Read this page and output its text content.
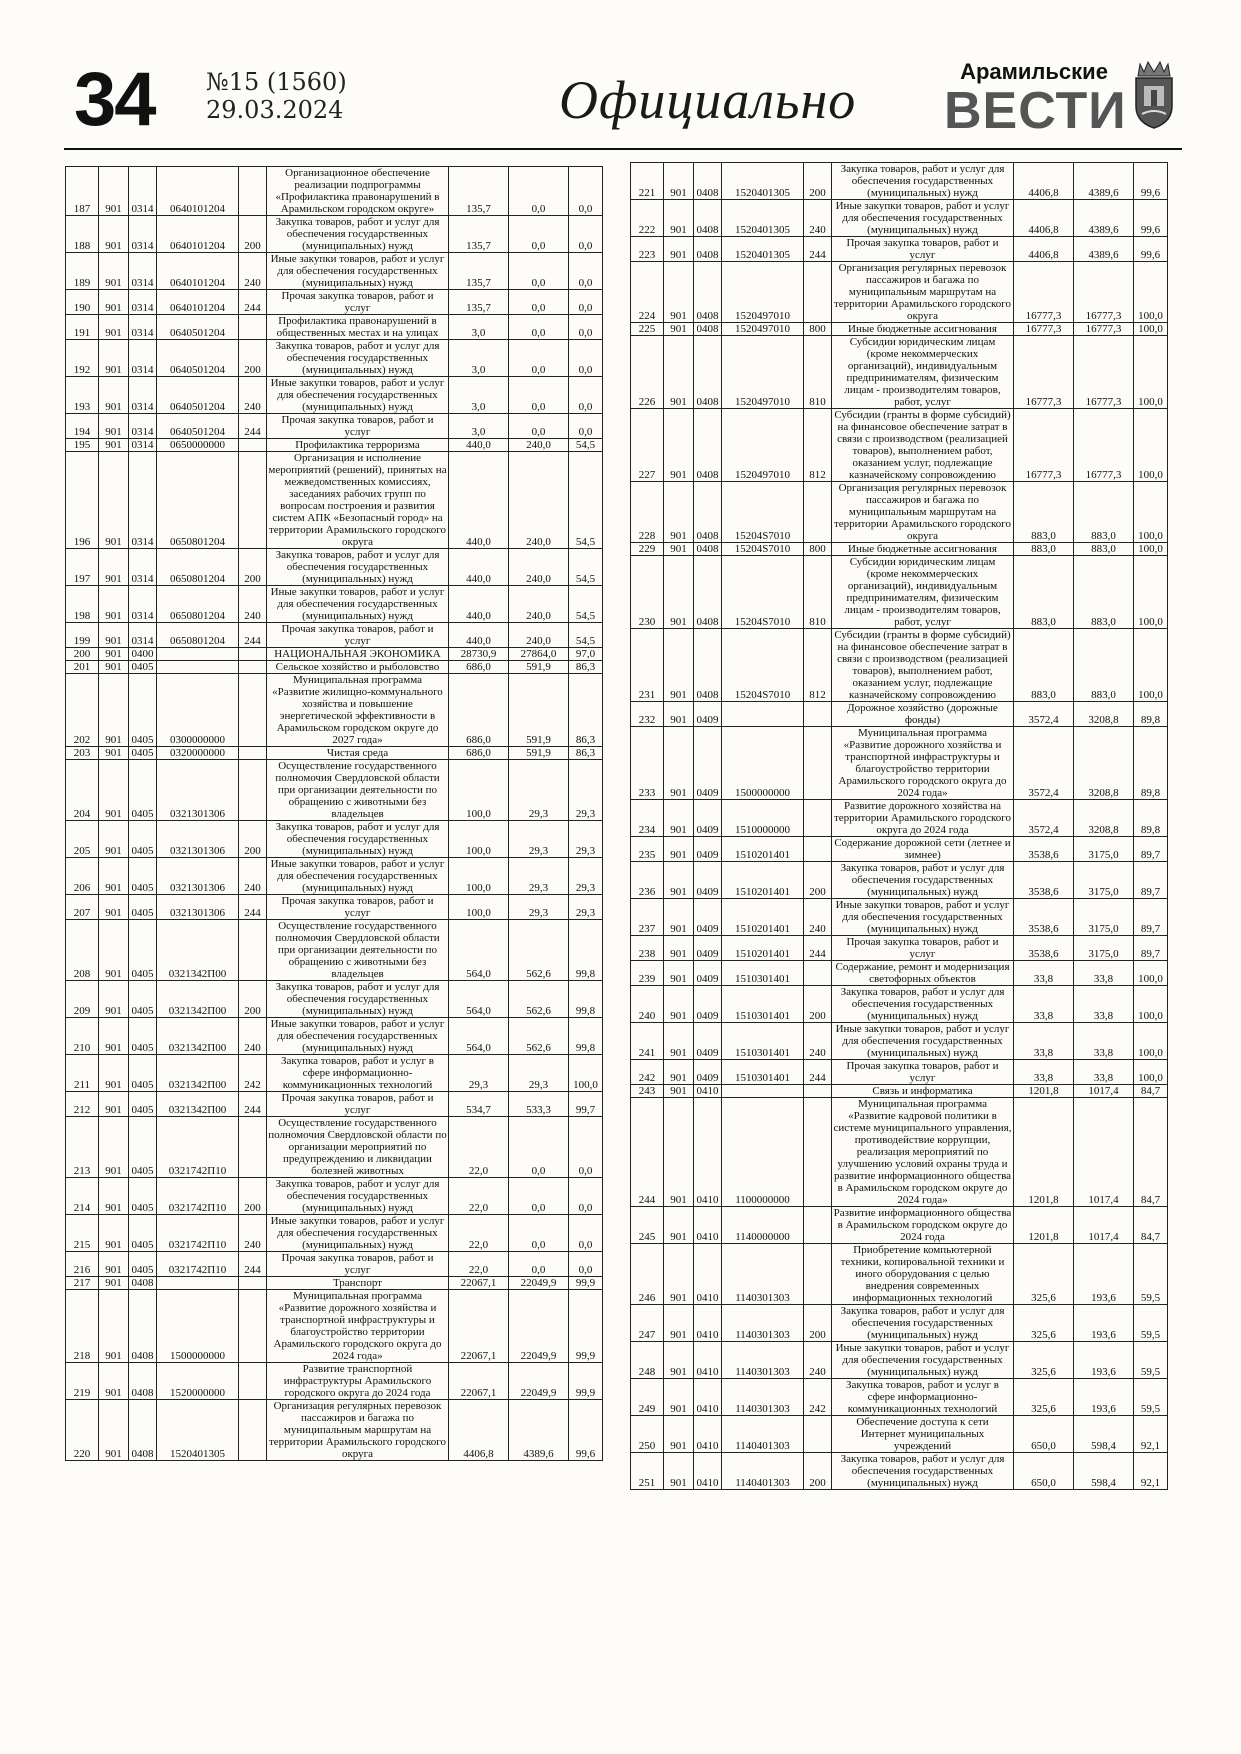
34 №15 (1560)
29.03.2024	Официально	Арамильские
ВЕСТИ
187	901	0314	0640101204		Организационное обеспечение реализации подпрограммы «Профилактика правонарушений в Арамильском городском округе»	135,7	0,0	0,0
188	901	0314	0640101204	200	Закупка товаров, работ и услуг для обеспечения государственных (муниципальных) нужд	135,7	0,0	0,0
189	901	0314	0640101204	240	Иные закупки товаров, работ и услуг для обеспечения государственных (муниципальных) нужд	135,7	0,0	0,0
190	901	0314	0640101204	244	Прочая закупка товаров, работ и услуг	135,7	0,0	0,0
191	901	0314	0640501204		Профилактика правонарушений в общественных местах и на улицах	3,0	0,0	0,0
192	901	0314	0640501204	200	Закупка товаров, работ и услуг для обеспечения государственных (муниципальных) нужд	3,0	0,0	0,0
193	901	0314	0640501204	240	Иные закупки товаров, работ и услуг для обеспечения государственных (муниципальных) нужд	3,0	0,0	0,0
194	901	0314	0640501204	244	Прочая закупка товаров, работ и услуг	3,0	0,0	0,0
195	901	0314	0650000000		Профилактика терроризма	440,0	240,0	54,5
196	901	0314	0650801204		Организация и исполнение мероприятий (решений), принятых на межведомственных комиссиях, заседаниях рабочих групп по вопросам построения и развития систем АПК «Безопасный город» на территории Арамильского городского округа	440,0	240,0	54,5
197	901	0314	0650801204	200	Закупка товаров, работ и услуг для обеспечения государственных (муниципальных) нужд	440,0	240,0	54,5
198	901	0314	0650801204	240	Иные закупки товаров, работ и услуг для обеспечения государственных (муниципальных) нужд	440,0	240,0	54,5
199	901	0314	0650801204	244	Прочая закупка товаров, работ и услуг	440,0	240,0	54,5
200	901	0400			НАЦИОНАЛЬНАЯ ЭКОНОМИКА	28730,9	27864,0	97,0
201	901	0405			Сельское хозяйство и рыболовство	686,0	591,9	86,3
202	901	0405	0300000000		Муниципальная программа «Развитие жилищно-коммунального хозяйства и повышение энергетической эффективности в Арамильском городском округе до 2027 года»	686,0	591,9	86,3
203	901	0405	0320000000		Чистая среда	686,0	591,9	86,3
204	901	0405	0321301306		Осуществление государственного полномочия Свердловской области при организации деятельности по обращению с животными без владельцев	100,0	29,3	29,3
205	901	0405	0321301306	200	Закупка товаров, работ и услуг для обеспечения государственных (муниципальных) нужд	100,0	29,3	29,3
206	901	0405	0321301306	240	Иные закупки товаров, работ и услуг для обеспечения государственных (муниципальных) нужд	100,0	29,3	29,3
207	901	0405	0321301306	244	Прочая закупка товаров, работ и услуг	100,0	29,3	29,3
208	901	0405	0321342П00		Осуществление государственного полномочия Свердловской области при организации деятельности по обращению с животными без владельцев	564,0	562,6	99,8
209	901	0405	0321342П00	200	Закупка товаров, работ и услуг для обеспечения государственных (муниципальных) нужд	564,0	562,6	99,8
210	901	0405	0321342П00	240	Иные закупки товаров, работ и услуг для обеспечения государственных (муниципальных) нужд	564,0	562,6	99,8
211	901	0405	0321342П00	242	Закупка товаров, работ и услуг в сфере информационно-коммуникационных технологий	29,3	29,3	100,0
212	901	0405	0321342П00	244	Прочая закупка товаров, работ и услуг	534,7	533,3	99,7
213	901	0405	0321742П10		Осуществление государственного полномочия Свердловской области по организации мероприятий по предупреждению и ликвидации болезней животных	22,0	0,0	0,0
214	901	0405	0321742П10	200	Закупка товаров, работ и услуг для обеспечения государственных (муниципальных) нужд	22,0	0,0	0,0
215	901	0405	0321742П10	240	Иные закупки товаров, работ и услуг для обеспечения государственных (муниципальных) нужд	22,0	0,0	0,0
216	901	0405	0321742П10	244	Прочая закупка товаров, работ и услуг	22,0	0,0	0,0
217	901	0408			Транспорт	22067,1	22049,9	99,9
218	901	0408	1500000000		Муниципальная программа «Развитие дорожного хозяйства и транспортной инфраструктуры и благоустройство территории Арамильского городского округа до 2024 года»	22067,1	22049,9	99,9
219	901	0408	1520000000		Развитие транспортной инфраструктуры Арамильского городского округа до 2024 года	22067,1	22049,9	99,9
220	901	0408	1520401305		Организация регулярных перевозок пассажиров и багажа по муниципальным маршрутам на территории Арамильского городского округа	4406,8	4389,6	99,6
221	901	0408	1520401305	200	Закупка товаров, работ и услуг для обеспечения государственных (муниципальных) нужд	4406,8	4389,6	99,6
222	901	0408	1520401305	240	Иные закупки товаров, работ и услуг для обеспечения государственных (муниципальных) нужд	4406,8	4389,6	99,6
223	901	0408	1520401305	244	Прочая закупка товаров, работ и услуг	4406,8	4389,6	99,6
224	901	0408	1520497010		Организация регулярных перевозок пассажиров и багажа по муниципальным маршрутам на территории Арамильского городского округа	16777,3	16777,3	100,0
225	901	0408	1520497010	800	Иные бюджетные ассигнования	16777,3	16777,3	100,0
226	901	0408	1520497010	810	Субсидии юридическим лицам (кроме некоммерческих организаций), индивидуальным предпринимателям, физическим лицам - производителям товаров, работ, услуг	16777,3	16777,3	100,0
227	901	0408	1520497010	812	Субсидии (гранты в форме субсидий) на финансовое обеспечение затрат в связи с производством (реализацией товаров), выполнением работ, оказанием услуг, подлежащие казначейскому сопровождению	16777,3	16777,3	100,0
228	901	0408	15204S7010		Организация регулярных перевозок пассажиров и багажа по муниципальным маршрутам на территории Арамильского городского округа	883,0	883,0	100,0
229	901	0408	15204S7010	800	Иные бюджетные ассигнования	883,0	883,0	100,0
230	901	0408	15204S7010	810	Субсидии юридическим лицам (кроме некоммерческих организаций), индивидуальным предпринимателям, физическим лицам - производителям товаров, работ, услуг	883,0	883,0	100,0
231	901	0408	15204S7010	812	Субсидии (гранты в форме субсидий) на финансовое обеспечение затрат в связи с производством (реализацией товаров), выполнением работ, оказанием услуг, подлежащие казначейскому сопровождению	883,0	883,0	100,0
232	901	0409			Дорожное хозяйство (дорожные фонды)	3572,4	3208,8	89,8
233	901	0409	1500000000		Муниципальная программа «Развитие дорожного хозяйства и транспортной инфраструктуры и благоустройство территории Арамильского городского округа до 2024 года»	3572,4	3208,8	89,8
234	901	0409	1510000000		Развитие дорожного хозяйства на территории Арамильского городского округа до 2024 года	3572,4	3208,8	89,8
235	901	0409	1510201401		Содержание дорожной сети (летнее и зимнее)	3538,6	3175,0	89,7
236	901	0409	1510201401	200	Закупка товаров, работ и услуг для обеспечения государственных (муниципальных) нужд	3538,6	3175,0	89,7
237	901	0409	1510201401	240	Иные закупки товаров, работ и услуг для обеспечения государственных (муниципальных) нужд	3538,6	3175,0	89,7
238	901	0409	1510201401	244	Прочая закупка товаров, работ и услуг	3538,6	3175,0	89,7
239	901	0409	1510301401		Содержание, ремонт и модернизация светофорных объектов	33,8	33,8	100,0
240	901	0409	1510301401	200	Закупка товаров, работ и услуг для обеспечения государственных (муниципальных) нужд	33,8	33,8	100,0
241	901	0409	1510301401	240	Иные закупки товаров, работ и услуг для обеспечения государственных (муниципальных) нужд	33,8	33,8	100,0
242	901	0409	1510301401	244	Прочая закупка товаров, работ и услуг	33,8	33,8	100,0
243	901	0410			Связь и информатика	1201,8	1017,4	84,7
244	901	0410	1100000000		Муниципальная программа «Развитие кадровой политики в системе муниципального управления, противодействие коррупции, реализация мероприятий по улучшению условий охраны труда и развитие информационного общества в Арамильском городском округе до 2024 года»	1201,8	1017,4	84,7
245	901	0410	1140000000		Развитие информационного общества в Арамильском городском округе до 2024 года	1201,8	1017,4	84,7
246	901	0410	1140301303		Приобретение компьютерной техники, копировальной техники и иного оборудования с целью внедрения современных информационных технологий	325,6	193,6	59,5
247	901	0410	1140301303	200	Закупка товаров, работ и услуг для обеспечения государственных (муниципальных) нужд	325,6	193,6	59,5
248	901	0410	1140301303	240	Иные закупки товаров, работ и услуг для обеспечения государственных (муниципальных) нужд	325,6	193,6	59,5
249	901	0410	1140301303	242	Закупка товаров, работ и услуг в сфере информационно-коммуникационных технологий	325,6	193,6	59,5
250	901	0410	1140401303		Обеспечение доступа к сети Интернет муниципальных учреждений	650,0	598,4	92,1
251	901	0410	1140401303	200	Закупка товаров, работ и услуг для обеспечения государственных (муниципальных) нужд	650,0	598,4	92,1
